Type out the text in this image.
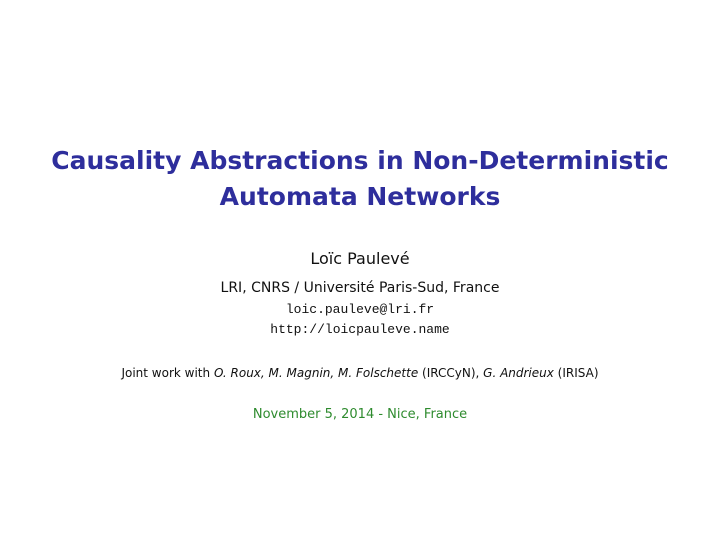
Causality Abstractions in Non-Deterministic
Automata Networks
Loïc Paulevé
LRI, CNRS / Université Paris-Sud, France
loic.pauleve@lri.fr
http://loicpauleve.name
Joint work with O. Roux, M. Magnin, M. Folschette (IRCCyN), G. Andrieux (IRISA)
November 5, 2014 - Nice, France
